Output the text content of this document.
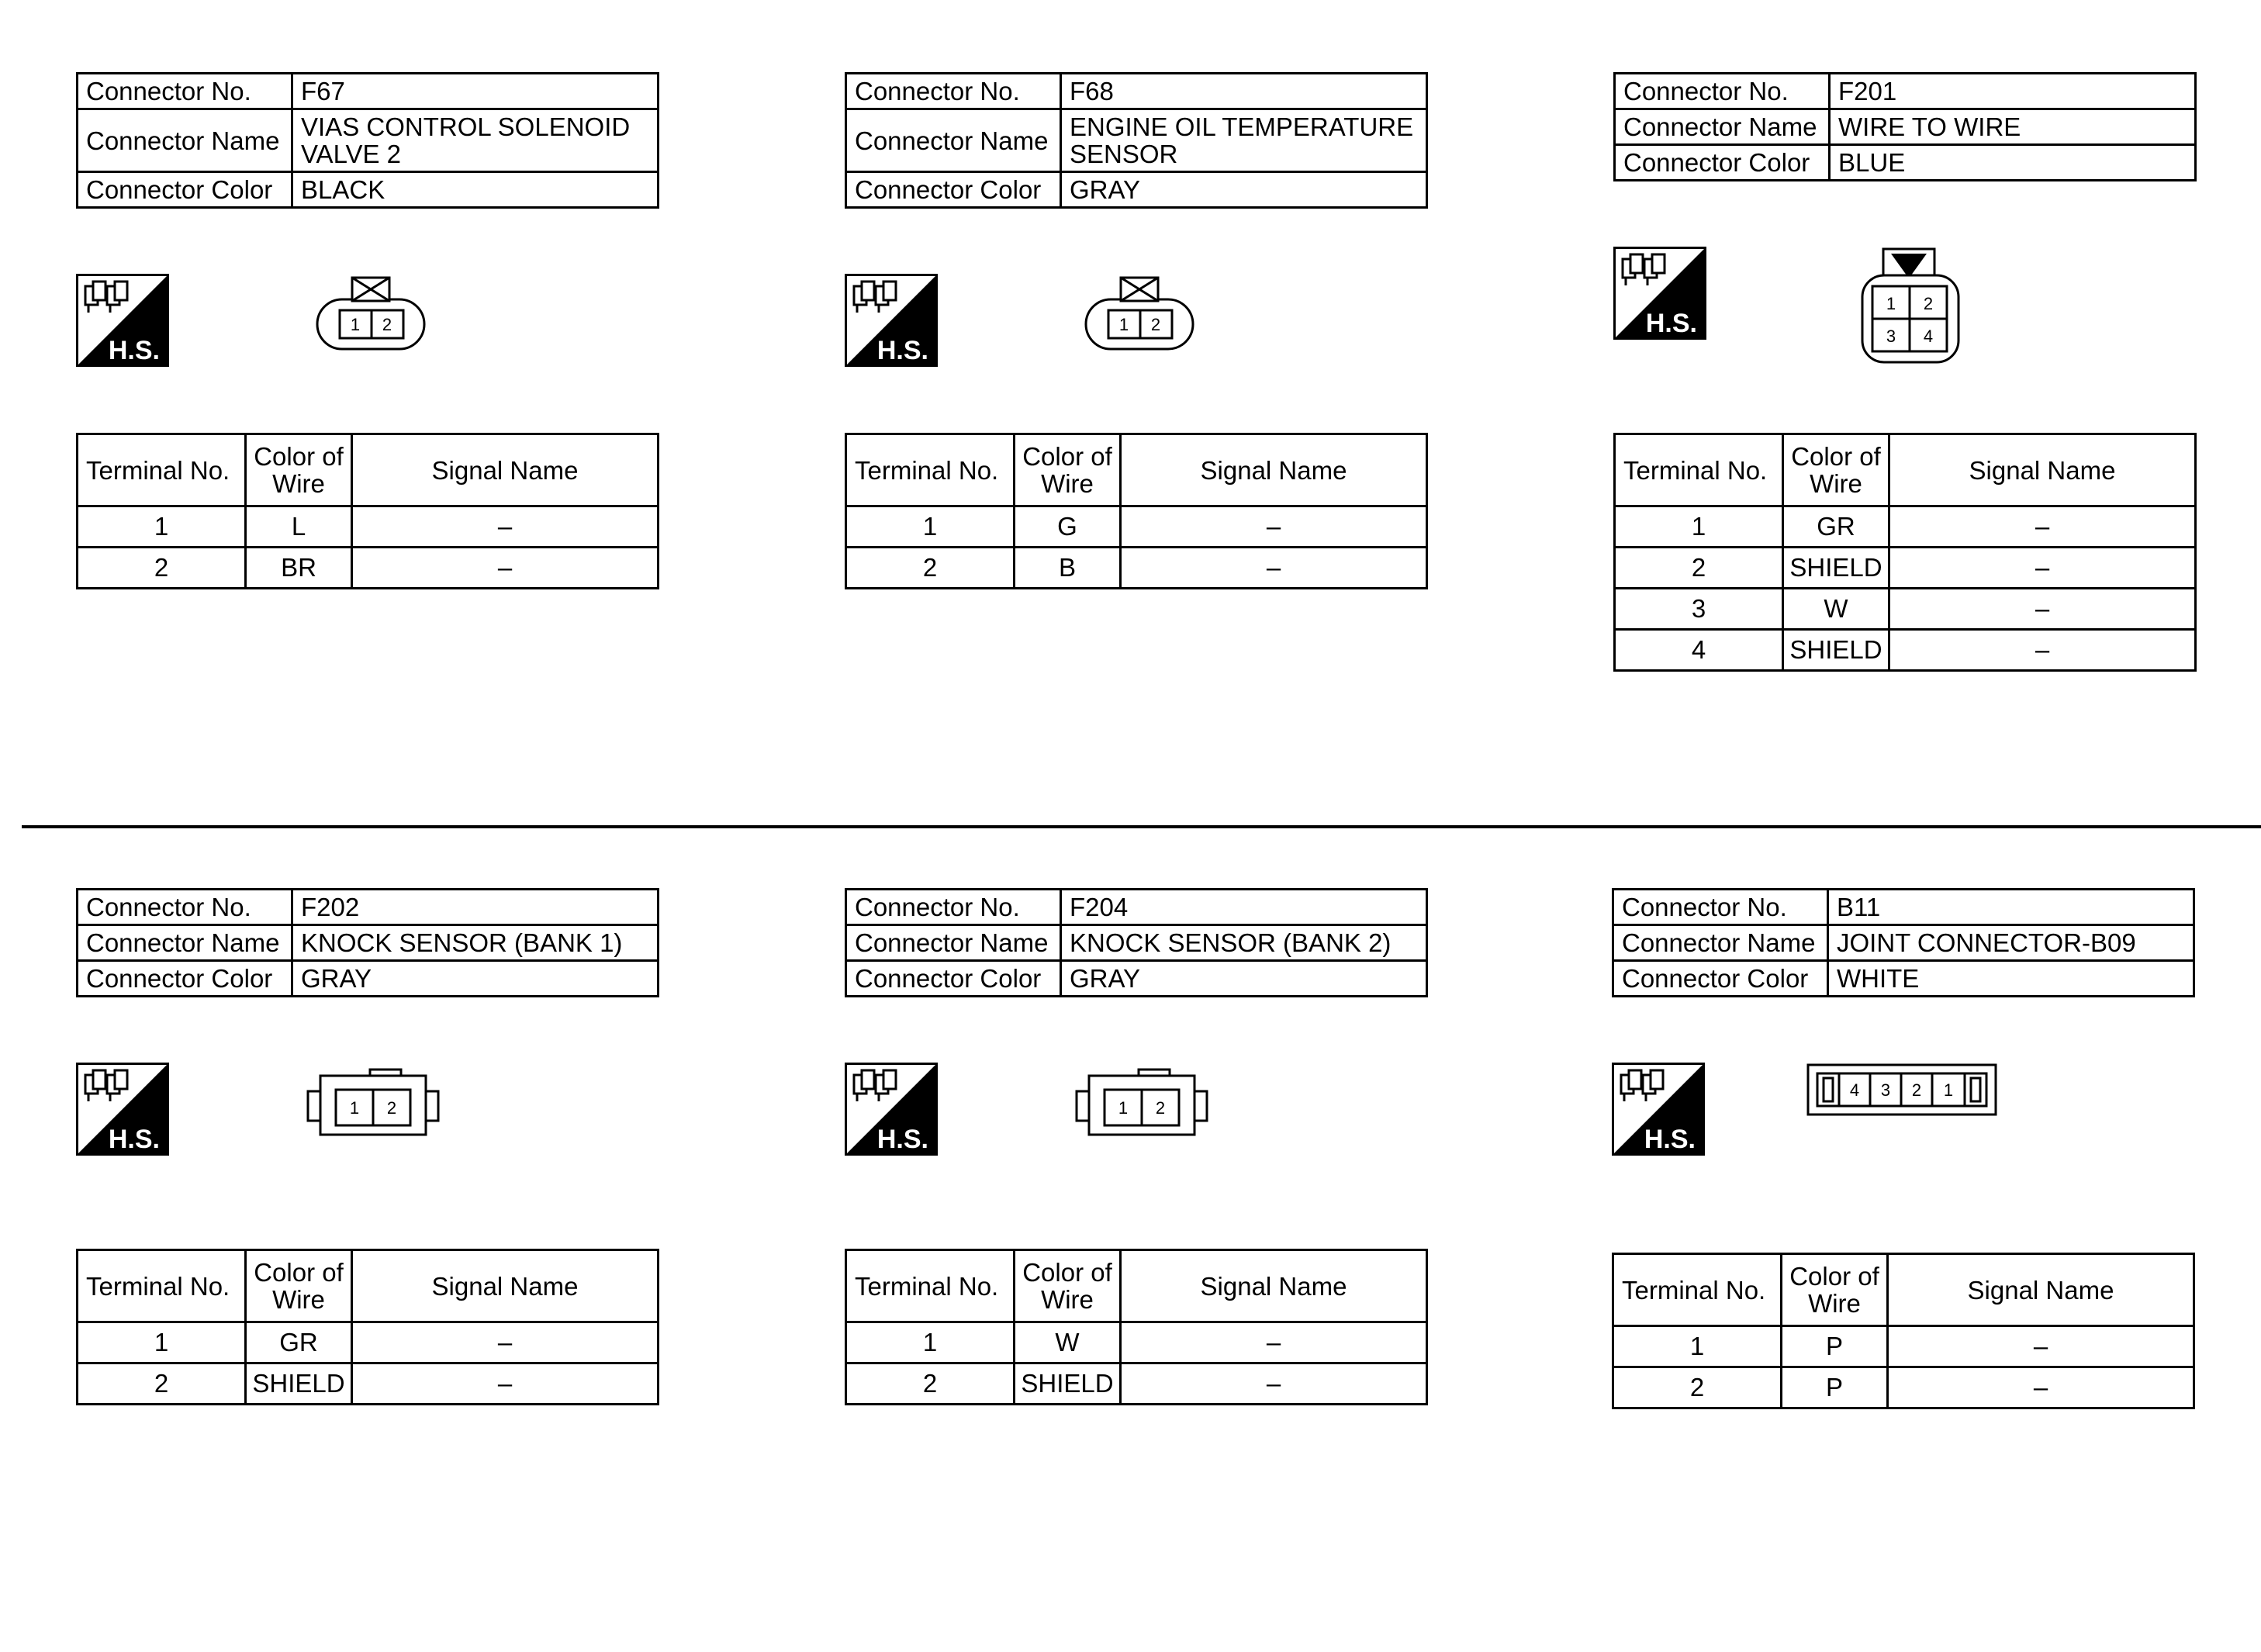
Connector No.	F67
Connector Name	VIAS CONTROL SOLENOID VALVE 2
Connector Color	BLACK
H.S.
1 2
Terminal No.	Color of Wire	Signal Name
1	L	–
2	BR	–
Connector No.	F68
Connector Name	ENGINE OIL TEMPERATURE SENSOR
Connector Color	GRAY
H.S.
1 2
Terminal No.	Color of Wire	Signal Name
1	G	–
2	B	–
Connector No.	F201
Connector Name	WIRE TO WIRE
Connector Color	BLUE
H.S.
1 2
3 4
Terminal No.	Color of Wire	Signal Name
1	GR	–
2	SHIELD	–
3	W	–
4	SHIELD	–
Connector No.	F202
Connector Name	KNOCK SENSOR (BANK 1)
Connector Color	GRAY
H.S.
1 2
Terminal No.	Color of Wire	Signal Name
1	GR	–
2	SHIELD	–
Connector No.	F204
Connector Name	KNOCK SENSOR (BANK 2)
Connector Color	GRAY
H.S.
1 2
Terminal No.	Color of Wire	Signal Name
1	W	–
2	SHIELD	–
Connector No.	B11
Connector Name	JOINT CONNECTOR-B09
Connector Color	WHITE
H.S.
4 3 2 1
Terminal No.	Color of Wire	Signal Name
1	P	–
2	P	–
